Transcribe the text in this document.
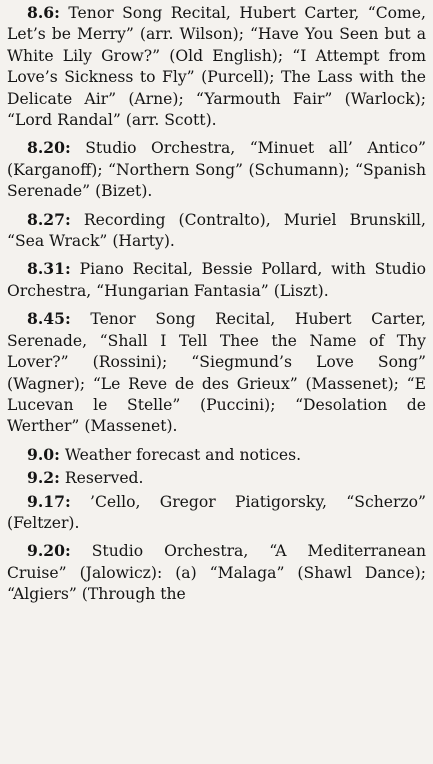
8.6: Tenor Song Recital, Hubert Carter, “Come, Let’s be Merry” (arr. Wilson); “Have You Seen but a White Lily Grow?” (Old English); “I Attempt from Love’s Sickness to Fly” (Purcell); The Lass with the Delicate Air” (Arne); “Yarmouth Fair” (Warlock); “Lord Randal” (arr. Scott).

8.20: Studio Orchestra, “Minuet all’ Antico” (Karganoff); “Northern Song” (Schumann); “Spanish Serenade” (Bizet).

8.27: Recording (Contralto), Muriel Brunskill, “Sea Wrack” (Harty).

8.31: Piano Recital, Bessie Pollard, with Studio Orchestra, “Hungarian Fantasia” (Liszt).

8.45: Tenor Song Recital, Hubert Carter, Serenade, “Shall I Tell Thee the Name of Thy Lover?” (Rossini); “Siegmund’s Love Song” (Wagner); “Le Reve de des Grieux” (Massenet); “E Lucevan le Stelle” (Puccini); “Desolation de Werther” (Massenet).

9.0: Weather forecast and notices.

9.2: Reserved.

9.17: ’Cello, Gregor Piatigorsky, “Scherzo” (Feltzer).

9.20: Studio Orchestra, “A Mediterranean Cruise” (Jalowicz): (a) “Malaga” (Shawl Dance); “Algiers” (Through the
